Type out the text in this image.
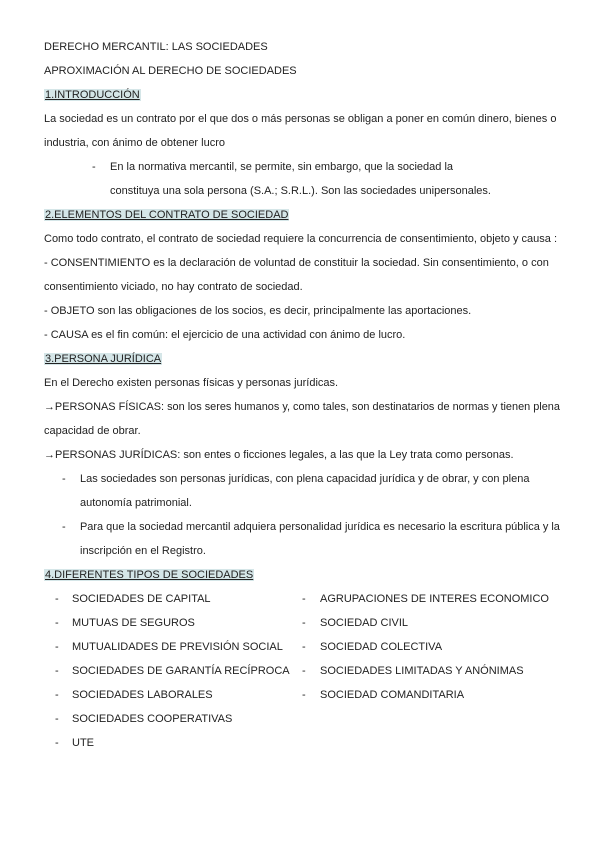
DERECHO MERCANTIL: LAS SOCIEDADES
APROXIMACIÓN AL DERECHO DE SOCIEDADES
1.INTRODUCCIÓN
La sociedad es un contrato por el que dos o más personas se obligan a poner en común dinero, bienes o
industria, con ánimo de obtener lucro
- En la normativa mercantil, se permite, sin embargo, que la sociedad la
constituya una sola persona (S.A.; S.R.L.). Son las sociedades unipersonales.
2.ELEMENTOS DEL CONTRATO DE SOCIEDAD
Como todo contrato, el contrato de sociedad requiere la concurrencia de consentimiento, objeto y causa :
- CONSENTIMIENTO es la declaración de voluntad de constituir la sociedad. Sin consentimiento, o con
consentimiento viciado, no hay contrato de sociedad.
- OBJETO son las obligaciones de los socios, es decir, principalmente las aportaciones.
- CAUSA es el fin común: el ejercicio de una actividad con ánimo de lucro.
3.PERSONA JURÍDICA
En el Derecho existen personas físicas y personas jurídicas.
→PERSONAS FÍSICAS: son los seres humanos y, como tales, son destinatarios de normas y tienen plena
capacidad de obrar.
→PERSONAS JURÍDICAS: son entes o ficciones legales, a las que la Ley trata como personas.
- Las sociedades son personas jurídicas, con plena capacidad jurídica y de obrar, y con plena
autonomía patrimonial.
- Para que la sociedad mercantil adquiera personalidad jurídica es necesario la escritura pública y la
inscripción en el Registro.
4.DIFERENTES TIPOS DE SOCIEDADES
- SOCIEDADES DE CAPITAL
- MUTUAS DE SEGUROS
- MUTUALIDADES DE PREVISIÓN SOCIAL
- SOCIEDADES DE GARANTÍA RECÍPROCA
- SOCIEDADES LABORALES
- SOCIEDADES COOPERATIVAS
- UTE
- AGRUPACIONES DE INTERES ECONOMICO
- SOCIEDAD CIVIL
- SOCIEDAD COLECTIVA
- SOCIEDADES LIMITADAS Y ANÓNIMAS
- SOCIEDAD COMANDITARIA
